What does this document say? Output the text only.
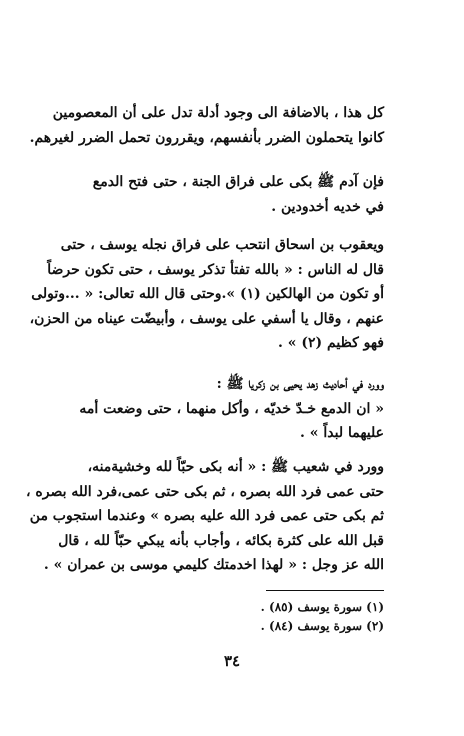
كل هذا ، بالاضافة الى وجود أدلة تدل على أن المعصومين
كانوا يتحملون الضرر بأنفسهم، ويقررون تحمل الضرر لغيرهم.

فإن آدم ﷺ بكى على فراق الجنة ، حتى فتح الدمع
في خديه أخدودين .

ويعقوب بن اسحاق انتحب على فراق نجله يوسف ، حتى
قال له الناس : « بالله تفتأ تذكر يوسف ، حتى تكون حرضاً
أو تكون من الهالكين (١) ».وحتى قال الله تعالى: « ...وتولى
عنهم ، وقال يا أسفي على يوسف ، وأبيضّت عيناه من الحزن،
فهو كظيم (٢) » .

وورد في أحاديث زهد يحيى بن زكريا ﷺ :
« ان الدمع خـدّ خديّه ، وأكل منهما ، حتى وضعت أمه
عليهما لبداً » .

وورد في شعيب ﷺ : « أنه بكى حبّاً لله وخشيةمنه،
حتى عمى فرد الله بصره ، ثم بكى حتى عمى،فرد الله بصره ،
ثم بكى حتى عمى فرد الله عليه بصره » وعندما استجوب من
قبل الله على كثرة بكائه ، وأجاب بأنه يبكي حبّاً لله ، قال
الله عز وجل : « لهذا اخدمتك كليمي موسى بن عمران » .

(١) سورة يوسف (٨٥) .
(٢) سورة يوسف (٨٤) .
٣٤
